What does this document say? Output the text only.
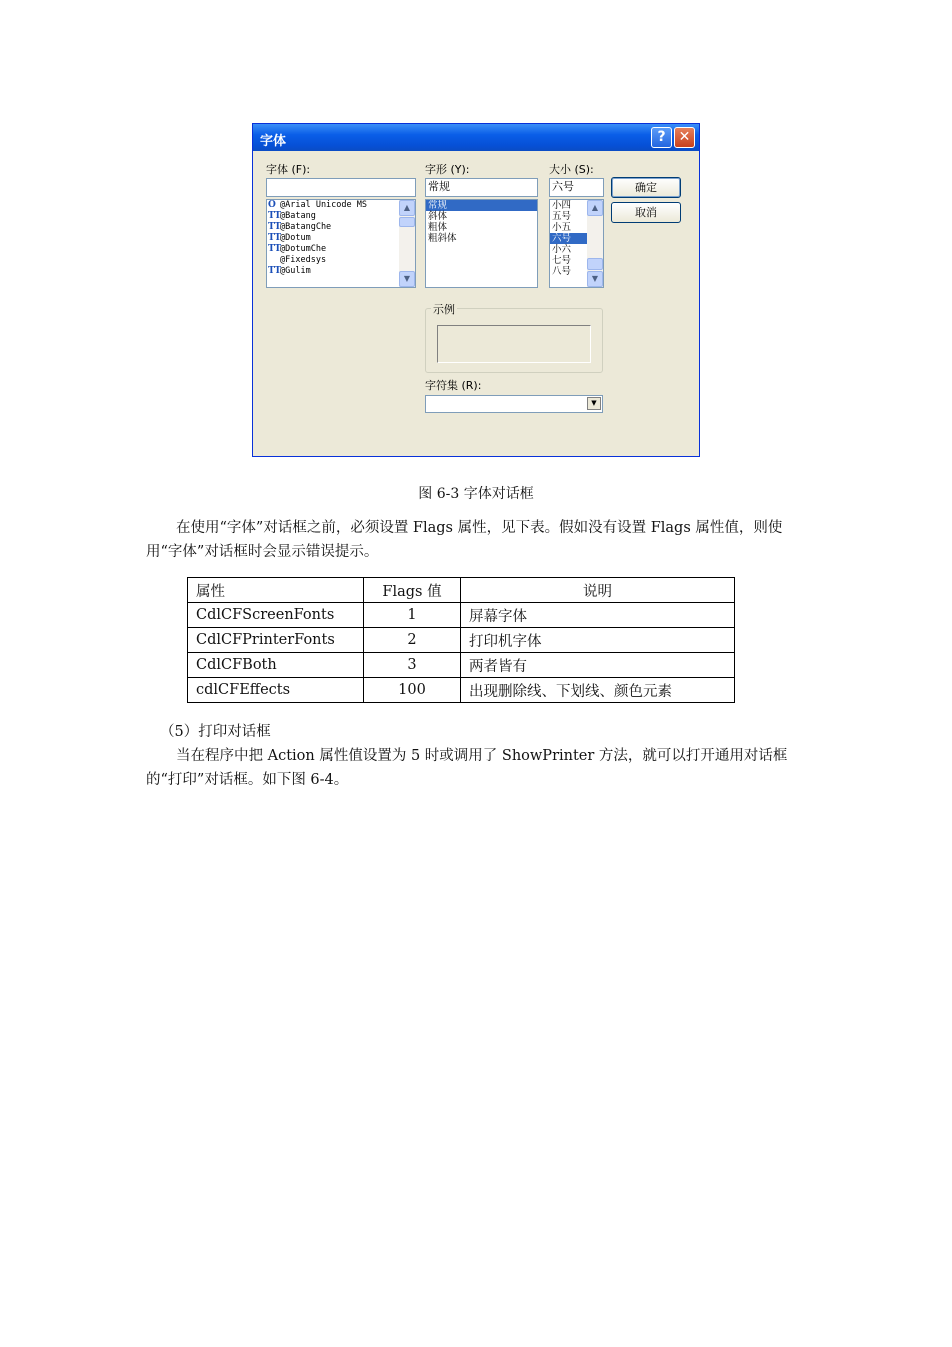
字体	? ✕
字体 (F):
O @Arial Unicode MS
TT
@Batang
TT
@BatangChe
TT
@Dotum
TT
@DotumChe
@Fixedsys
TT
@Gulim
▲
▼
字形 (Y):
常规
常规
斜体
粗体
粗斜体
大小 (S):
六号
小四
五号
小五
六号
小六
七号
八号
▲
▼
确定
取消
示例
字符集 (R):
▼
图 6-3 字体对话框
在使用“字体”对话框之前，必须设置 Flags 属性，见下表。假如没有设置 Flags 属性值，则使用“字体”对话框时会显示错误提示。
属性	Flags 值	说明
CdlCFScreenFonts	1	屏幕字体
CdlCFPrinterFonts	2	打印机字体
CdlCFBoth	3	两者皆有
cdlCFEffects	100	出现删除线、下划线、颜色元素
（5）打印对话框
当在程序中把 Action 属性值设置为 5 时或调用了 ShowPrinter 方法，就可以打开通用对话框的“打印”对话框。如下图 6-4。
